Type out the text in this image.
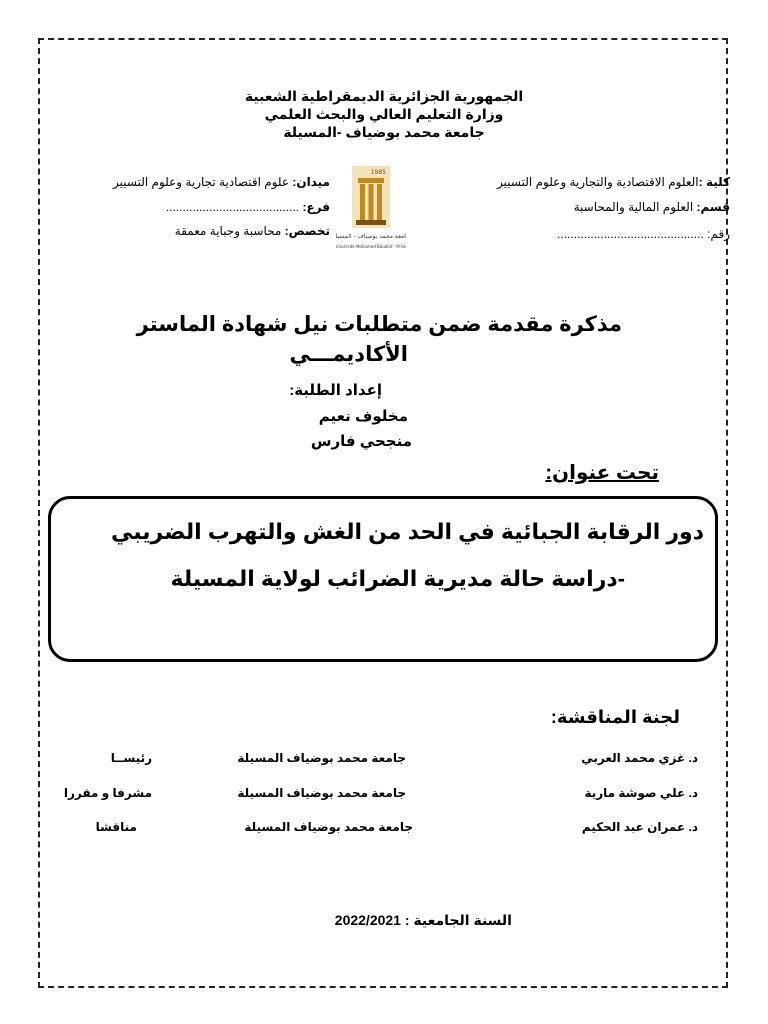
الجمهورية الجزائرية الديمقراطية الشعبية
وزارة التعليم العالي والبحث العلمي
جامعة محمد بوضياف -المسيلة
كلية :العلوم الاقتصادية والتجارية وعلوم التسيير
قسم: العلوم المالية والمحاسبة
رقم: ............................................
ميدان: علوم اقتصادية تجارية وعلوم التسيير
فرع: ........................................
تخصص: محاسبة وجباية معمقة
1985
جامعة محمد بوضياف - المسيلة
Université Mohamed Boudiaf - M'sila
مذكرة مقدمة ضمن متطلبات نيل شهادة الماستر
الأكاديمـــي
إعداد الطلبة:
مخلوف نعيم
منجحي فارس
تحت عنوان:
دور الرقابة الجبائية في الحد من الغش والتهرب الضريبي
-دراسة حالة مديرية الضرائب لولاية المسيلة
لجنة المناقشة:
د. غزي محمد العربي
جامعة محمد بوضياف المسيلة
رئيســا
د. علي صوشة مارية
جامعة محمد بوضياف المسيلة
مشرفا و مقررا
د. عمران عبد الحكيم
جامعة محمد بوضياف المسيلة
مناقشا
السنة الجامعية : 2022/2021
